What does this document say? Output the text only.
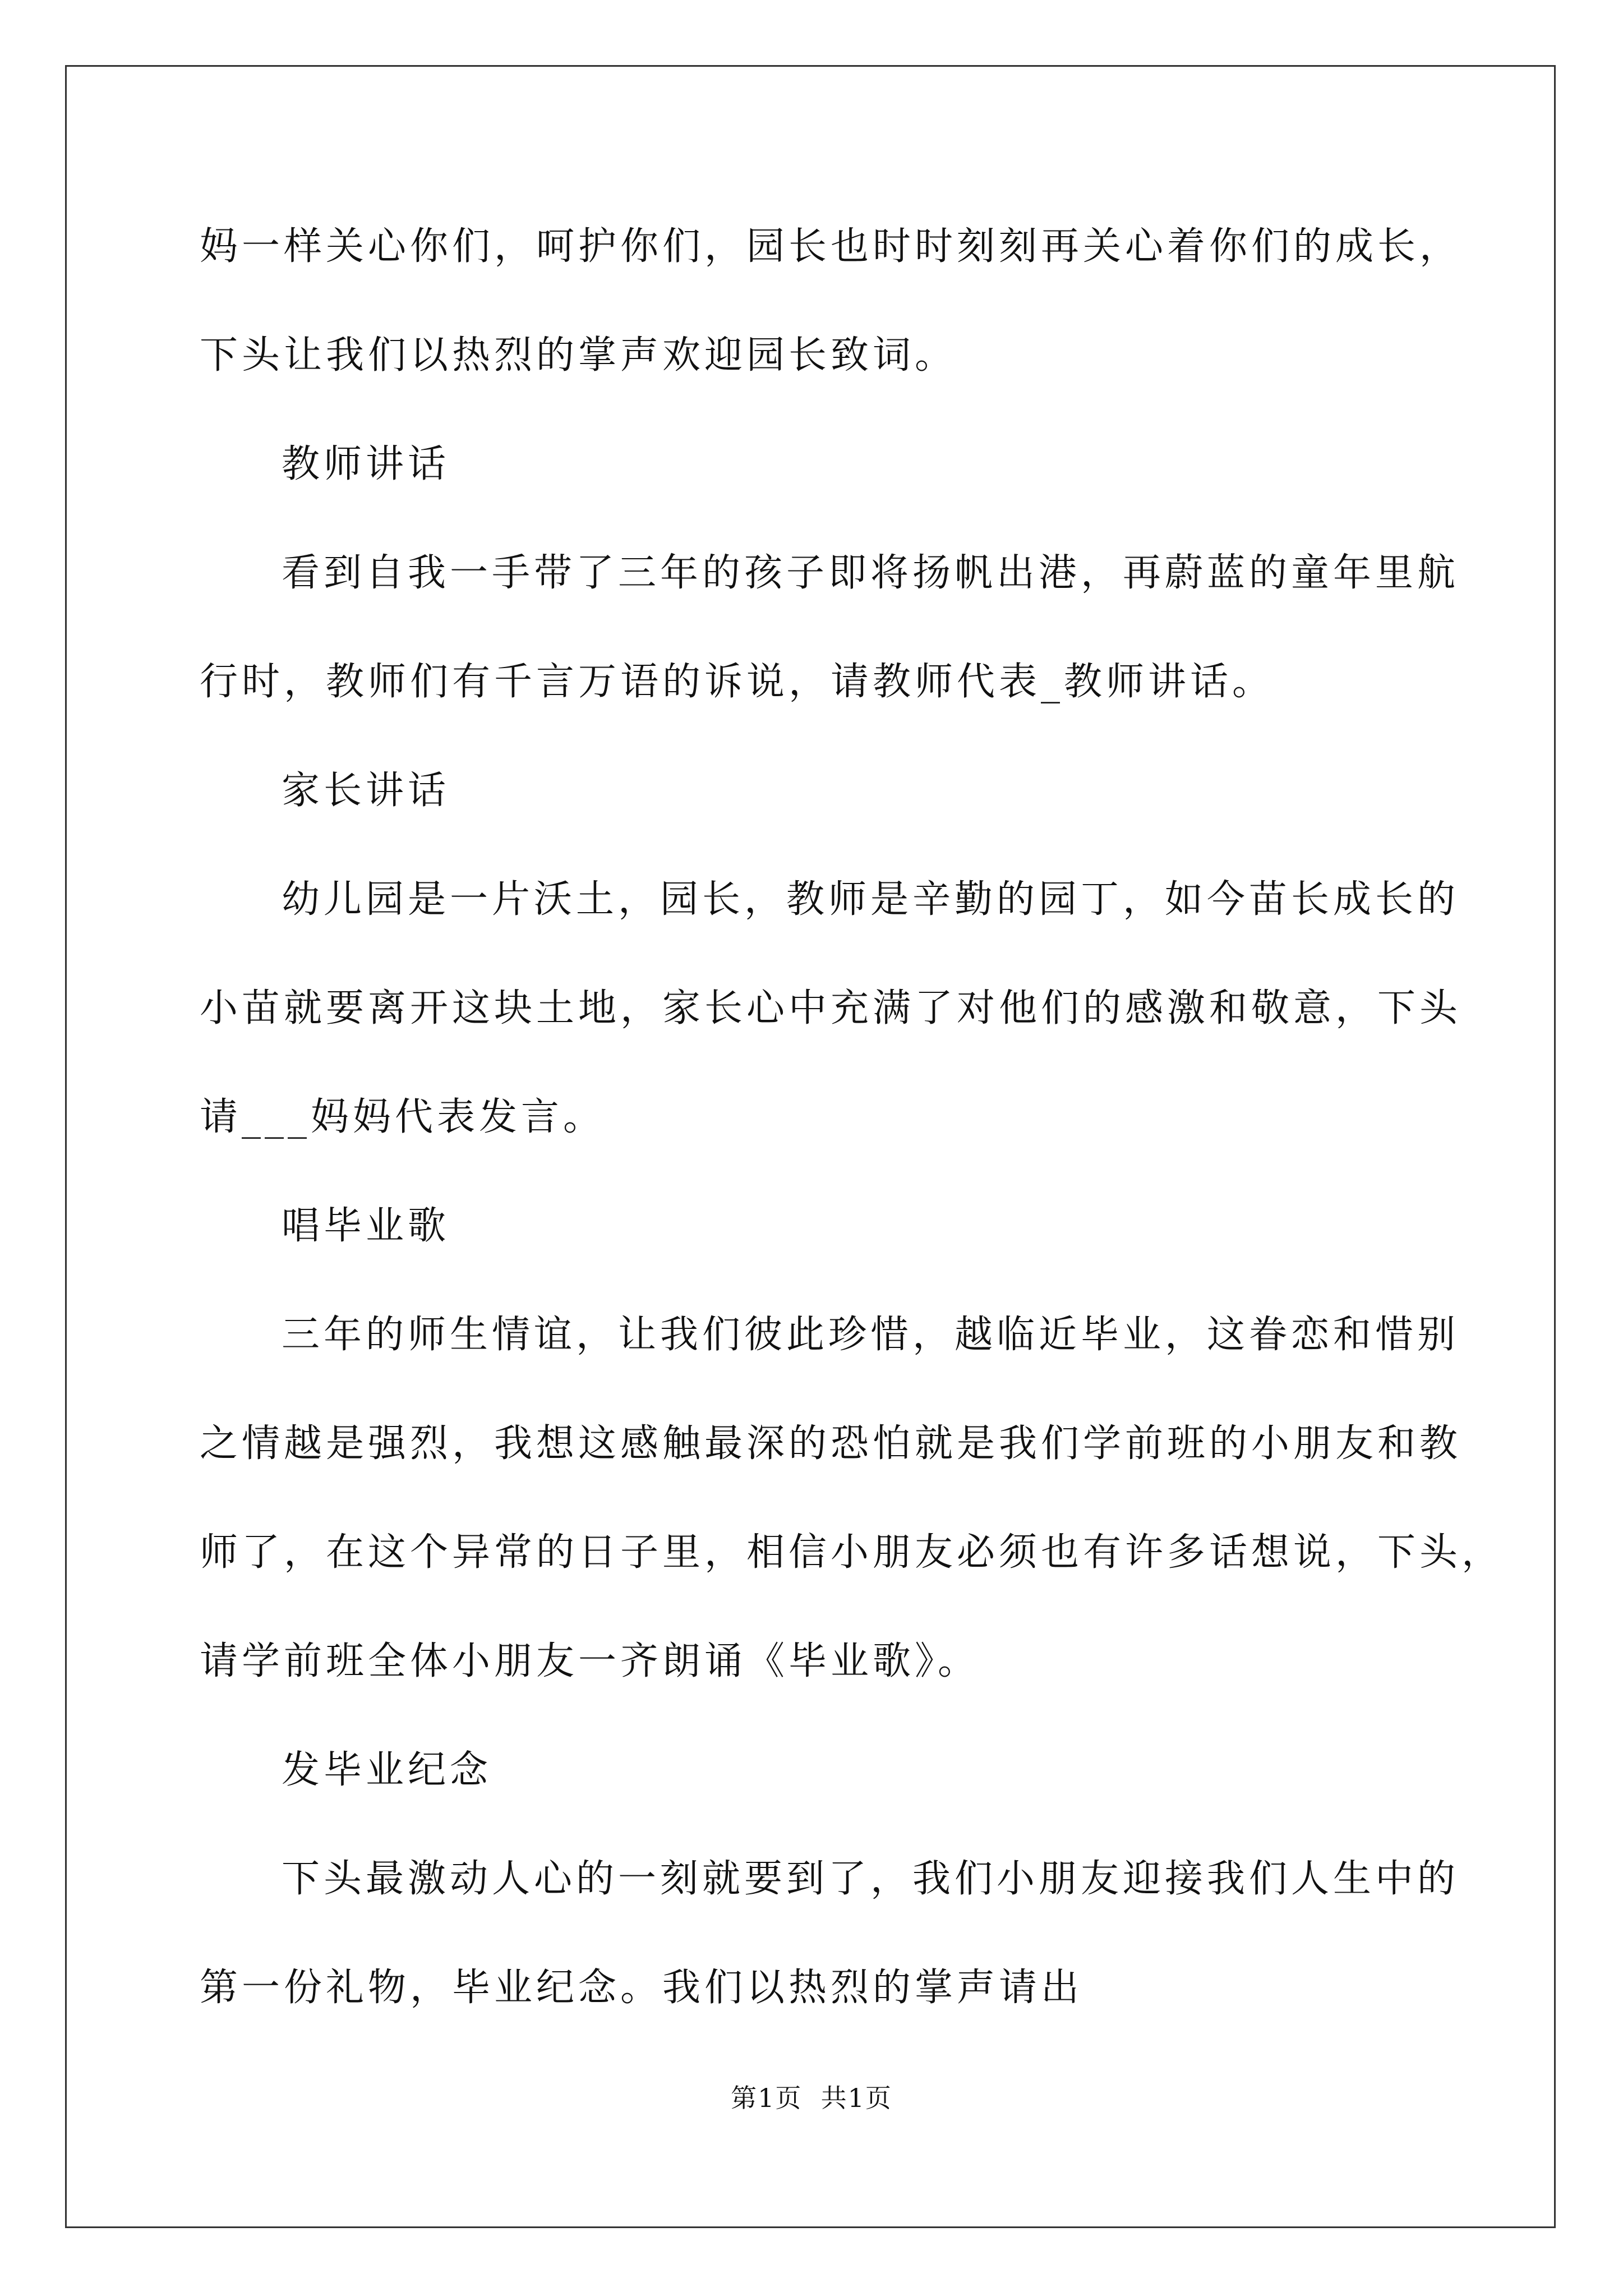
妈一样关心你们，呵护你们，园长也时时刻刻再关心着你们的成长，
下头让我们以热烈的掌声欢迎园长致词。
教师讲话
看到自我一手带了三年的孩子即将扬帆出港，再蔚蓝的童年里航
行时，教师们有千言万语的诉说，请教师代表_教师讲话。
家长讲话
幼儿园是一片沃土，园长，教师是辛勤的园丁，如今苗长成长的
小苗就要离开这块土地，家长心中充满了对他们的感激和敬意，下头
请___妈妈代表发言。
唱毕业歌
三年的师生情谊，让我们彼此珍惜，越临近毕业，这眷恋和惜别
之情越是强烈，我想这感触最深的恐怕就是我们学前班的小朋友和教
师了，在这个异常的日子里，相信小朋友必须也有许多话想说，下头，
请学前班全体小朋友一齐朗诵《毕业歌》。
发毕业纪念
下头最激动人心的一刻就要到了，我们小朋友迎接我们人生中的
第一份礼物，毕业纪念。我们以热烈的掌声请出
第1页  共1页
